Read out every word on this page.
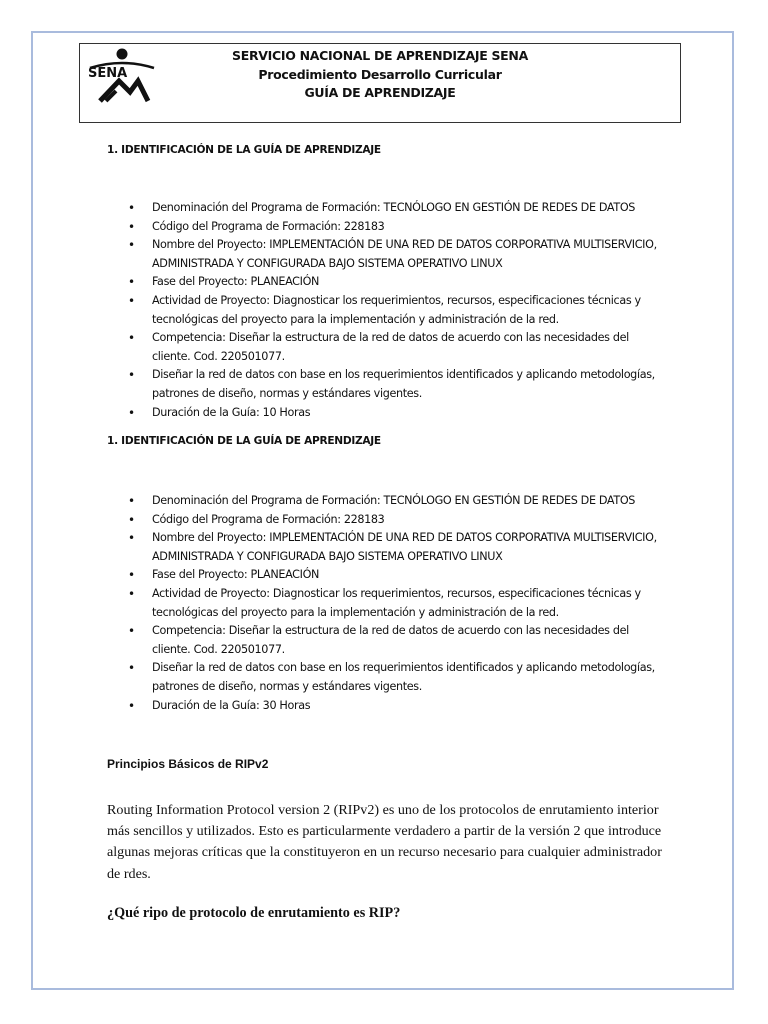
SENA
SERVICIO NACIONAL DE APRENDIZAJE SENA
Procedimiento Desarrollo Curricular
GUÍA DE APRENDIZAJE
1. IDENTIFICACIÓN DE LA GUÍA DE APRENDIZAJE
• Denominación del Programa de Formación: TECNÓLOGO EN GESTIÓN DE REDES DE DATOS
• Código del Programa de Formación: 228183
• Nombre del Proyecto: IMPLEMENTACIÓN DE UNA RED DE DATOS CORPORATIVA MULTISERVICIO, ADMINISTRADA Y CONFIGURADA BAJO SISTEMA OPERATIVO LINUX
• Fase del Proyecto: PLANEACIÓN
• Actividad de Proyecto: Diagnosticar los requerimientos, recursos, especificaciones técnicas y tecnológicas del proyecto para la implementación y administración de la red.
• Competencia: Diseñar la estructura de la red de datos de acuerdo con las necesidades del cliente. Cod. 220501077.
• Diseñar la red de datos con base en los requerimientos identificados y aplicando metodologías, patrones de diseño, normas y estándares vigentes.
• Duración de la Guía: 10 Horas
1. IDENTIFICACIÓN DE LA GUÍA DE APRENDIZAJE
• Denominación del Programa de Formación: TECNÓLOGO EN GESTIÓN DE REDES DE DATOS
• Código del Programa de Formación: 228183
• Nombre del Proyecto: IMPLEMENTACIÓN DE UNA RED DE DATOS CORPORATIVA MULTISERVICIO, ADMINISTRADA Y CONFIGURADA BAJO SISTEMA OPERATIVO LINUX
• Fase del Proyecto: PLANEACIÓN
• Actividad de Proyecto: Diagnosticar los requerimientos, recursos, especificaciones técnicas y tecnológicas del proyecto para la implementación y administración de la red.
• Competencia: Diseñar la estructura de la red de datos de acuerdo con las necesidades del cliente. Cod. 220501077.
• Diseñar la red de datos con base en los requerimientos identificados y aplicando metodologías, patrones de diseño, normas y estándares vigentes.
• Duración de la Guía: 30 Horas
Principios Básicos de RIPv2
Routing Information Protocol version 2 (RIPv2) es uno de los protocolos de enrutamiento interior más sencillos y utilizados. Esto es particularmente verdadero a partir de la versión 2 que introduce algunas mejoras críticas que la constituyeron en un recurso necesario para cualquier administrador de rdes.
¿Qué ripo de protocolo de enrutamiento es RIP?
